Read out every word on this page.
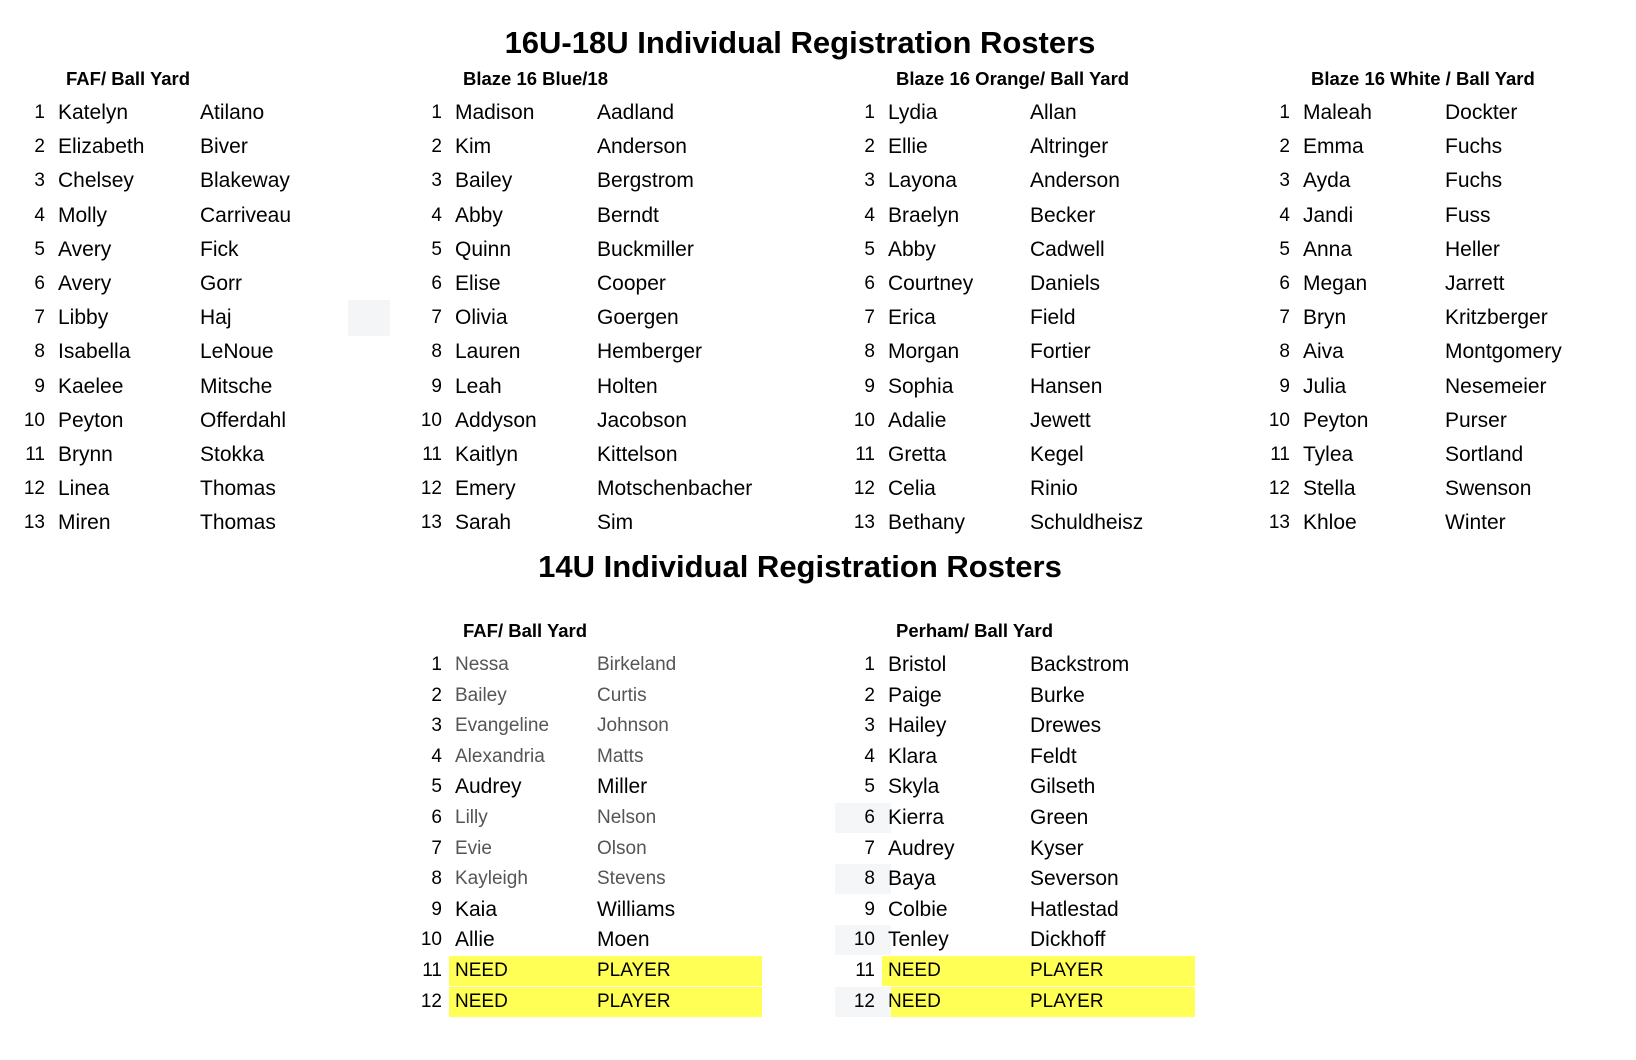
16U-18U Individual Registration Rosters
14U Individual Registration Rosters
FAF/ Ball Yard
1 Katelyn	Atilano
2 Elizabeth	Biver
3 Chelsey	Blakeway
4 Molly	Carriveau
5 Avery	Fick
6 Avery	Gorr
7 Libby	Haj
8 Isabella	LeNoue
9 Kaelee	Mitsche
10 Peyton	Offerdahl
11 Brynn	Stokka
12 Linea	Thomas
13 Miren	Thomas
Blaze 16 Blue/18
1 Madison	Aadland
2 Kim	Anderson
3 Bailey	Bergstrom
4 Abby	Berndt
5 Quinn	Buckmiller
6 Elise	Cooper
7 Olivia	Goergen
8 Lauren	Hemberger
9 Leah	Holten
10 Addyson	Jacobson
11 Kaitlyn	Kittelson
12 Emery	Motschenbacher
13 Sarah	Sim
Blaze 16 Orange/ Ball Yard
1 Lydia	Allan
2 Ellie	Altringer
3 Layona	Anderson
4 Braelyn	Becker
5 Abby	Cadwell
6 Courtney	Daniels
7 Erica	Field
8 Morgan	Fortier
9 Sophia	Hansen
10 Adalie	Jewett
11 Gretta	Kegel
12 Celia	Rinio
13 Bethany	Schuldheisz
Blaze 16 White / Ball Yard
1 Maleah	Dockter
2 Emma	Fuchs
3 Ayda	Fuchs
4 Jandi	Fuss
5 Anna	Heller
6 Megan	Jarrett
7 Bryn	Kritzberger
8 Aiva	Montgomery
9 Julia	Nesemeier
10 Peyton	Purser
11 Tylea	Sortland
12 Stella	Swenson
13 Khloe	Winter
FAF/ Ball Yard
1 Nessa	Birkeland
2 Bailey	Curtis
3 Evangeline	Johnson
4 Alexandria	Matts
5 Audrey	Miller
6 Lilly	Nelson
7 Evie	Olson
8 Kayleigh	Stevens
9 Kaia	Williams
10 Allie	Moen
11 NEED	PLAYER
12 NEED	PLAYER
Perham/ Ball Yard
1 Bristol	Backstrom
2 Paige	Burke
3 Hailey	Drewes
4 Klara	Feldt
5 Skyla	Gilseth
6 Kierra	Green
7 Audrey	Kyser
8 Baya	Severson
9 Colbie	Hatlestad
10 Tenley	Dickhoff
11 NEED	PLAYER
12 NEED	PLAYER
